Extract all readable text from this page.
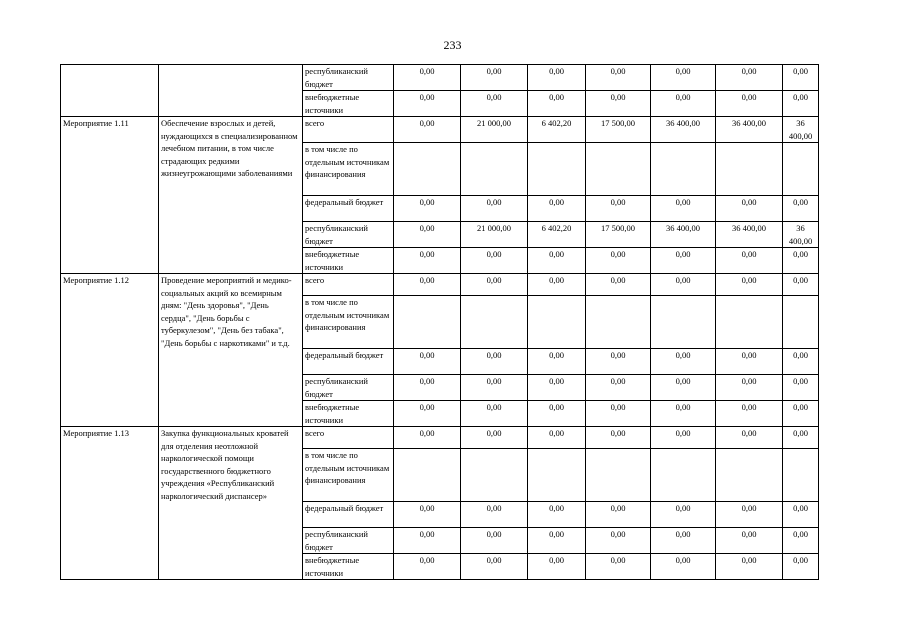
233
		республиканский бюджет	0,00	0,00	0,00	0,00	0,00	0,00	0,00	
		внебюджетные источники	0,00	0,00	0,00	0,00	0,00	0,00	0,00	
Мероприятие 1.11	Обеспечение взрослых и детей, нуждающихся в специализированном лечебном питании, в том числе страдающих редкими жизнеугрожающими заболеваниями	всего	0,00	21 000,00	6 402,20	17 500,00	36 400,00	36 400,00	36 400,00	
		в том числе по отдельным источникам финансирования								
		федеральный бюджет	0,00	0,00	0,00	0,00	0,00	0,00	0,00	
		республиканский бюджет	0,00	21 000,00	6 402,20	17 500,00	36 400,00	36 400,00	36 400,00	
		внебюджетные источники	0,00	0,00	0,00	0,00	0,00	0,00	0,00	
Мероприятие 1.12	Проведение мероприятий и медико-социальных акций ко всемирным дням: "День здоровья", "День сердца", "День борьбы с туберкулезом", "День без табака", "День борьбы с наркотиками" и т.д.	всего	0,00	0,00	0,00	0,00	0,00	0,00	0,00	
		в том числе по отдельным источникам финансирования								
		федеральный бюджет	0,00	0,00	0,00	0,00	0,00	0,00	0,00	
		республиканский бюджет	0,00	0,00	0,00	0,00	0,00	0,00	0,00	
		внебюджетные источники	0,00	0,00	0,00	0,00	0,00	0,00	0,00	
Мероприятие 1.13	Закупка функциональных кроватей для отделения неотложной наркологической помощи государственного бюджетного учреждения «Республиканский наркологический диспансер»	всего	0,00	0,00	0,00	0,00	0,00	0,00	0,00	
		в том числе по отдельным источникам финансирования								
		федеральный бюджет	0,00	0,00	0,00	0,00	0,00	0,00	0,00	
		республиканский бюджет	0,00	0,00	0,00	0,00	0,00	0,00	0,00	
		внебюджетные источники	0,00	0,00	0,00	0,00	0,00	0,00	0,00	
